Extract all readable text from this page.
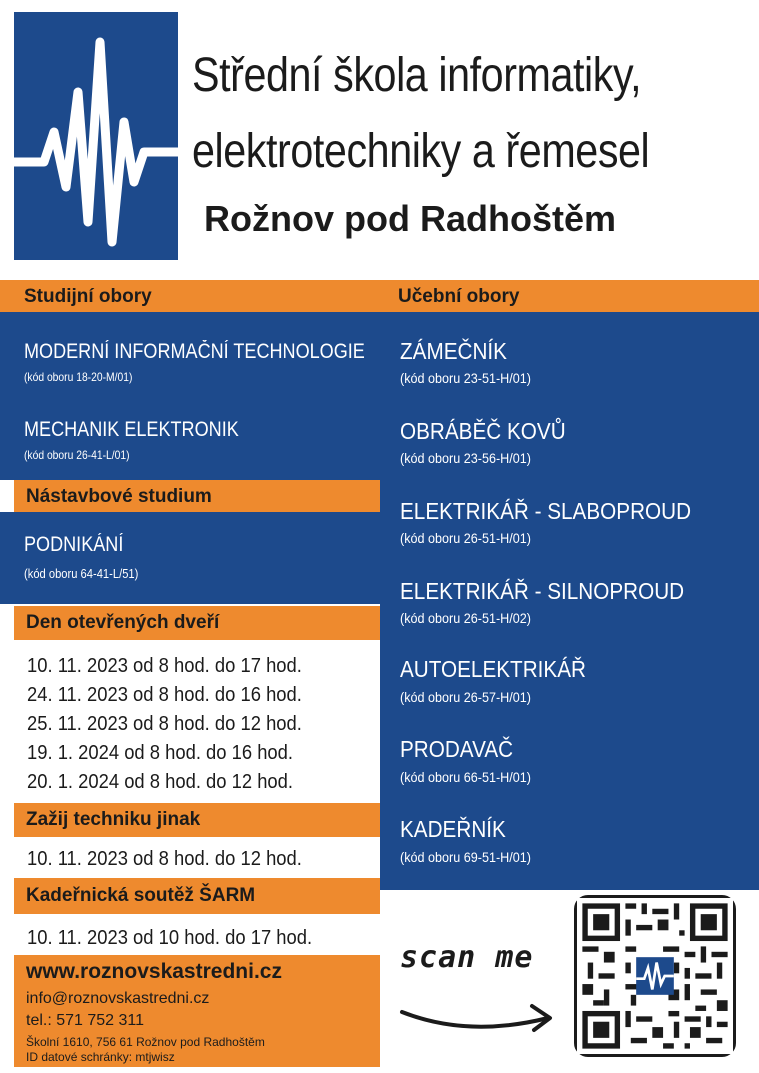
Střední škola informatiky,
elektrotechniky a řemesel
Rožnov pod Radhoštěm
Studijní obory	Učební obory
MODERNÍ INFORMAČNÍ TECHNOLOGIE
(kód oboru 18-20-M/01)
MECHANIK ELEKTRONIK
(kód oboru 26-41-L/01)
Nástavbové studium
PODNIKÁNÍ
(kód oboru 64-41-L/51)
ZÁMEČNÍK
(kód oboru 23-51-H/01)
OBRÁBĚČ KOVŮ
(kód oboru 23-56-H/01)
ELEKTRIKÁŘ - SLABOPROUD
(kód oboru 26-51-H/01)
ELEKTRIKÁŘ - SILNOPROUD
(kód oboru 26-51-H/02)
AUTOELEKTRIKÁŘ
(kód oboru 26-57-H/01)
PRODAVAČ
(kód oboru 66-51-H/01)
KADEŘNÍK
(kód oboru 69-51-H/01)
Den otevřených dveří
10. 11. 2023 od 8 hod. do 17 hod.
24. 11. 2023 od 8 hod. do 16 hod.
25. 11. 2023 od 8 hod. do 12 hod.
19. 1. 2024 od 8 hod. do 16 hod.
20. 1. 2024 od 8 hod. do 12 hod.
Zažij techniku jinak
10. 11. 2023 od 8 hod. do 12 hod.
Kadeřnická soutěž ŠARM
10. 11. 2023 od 10 hod. do 17 hod.
www.roznovskastredni.cz
info@roznovskastredni.cz
tel.: 571 752 311
Školní 1610, 756 61 Rožnov pod Radhoštěm
ID datové schránky: mtjwisz
scan me
